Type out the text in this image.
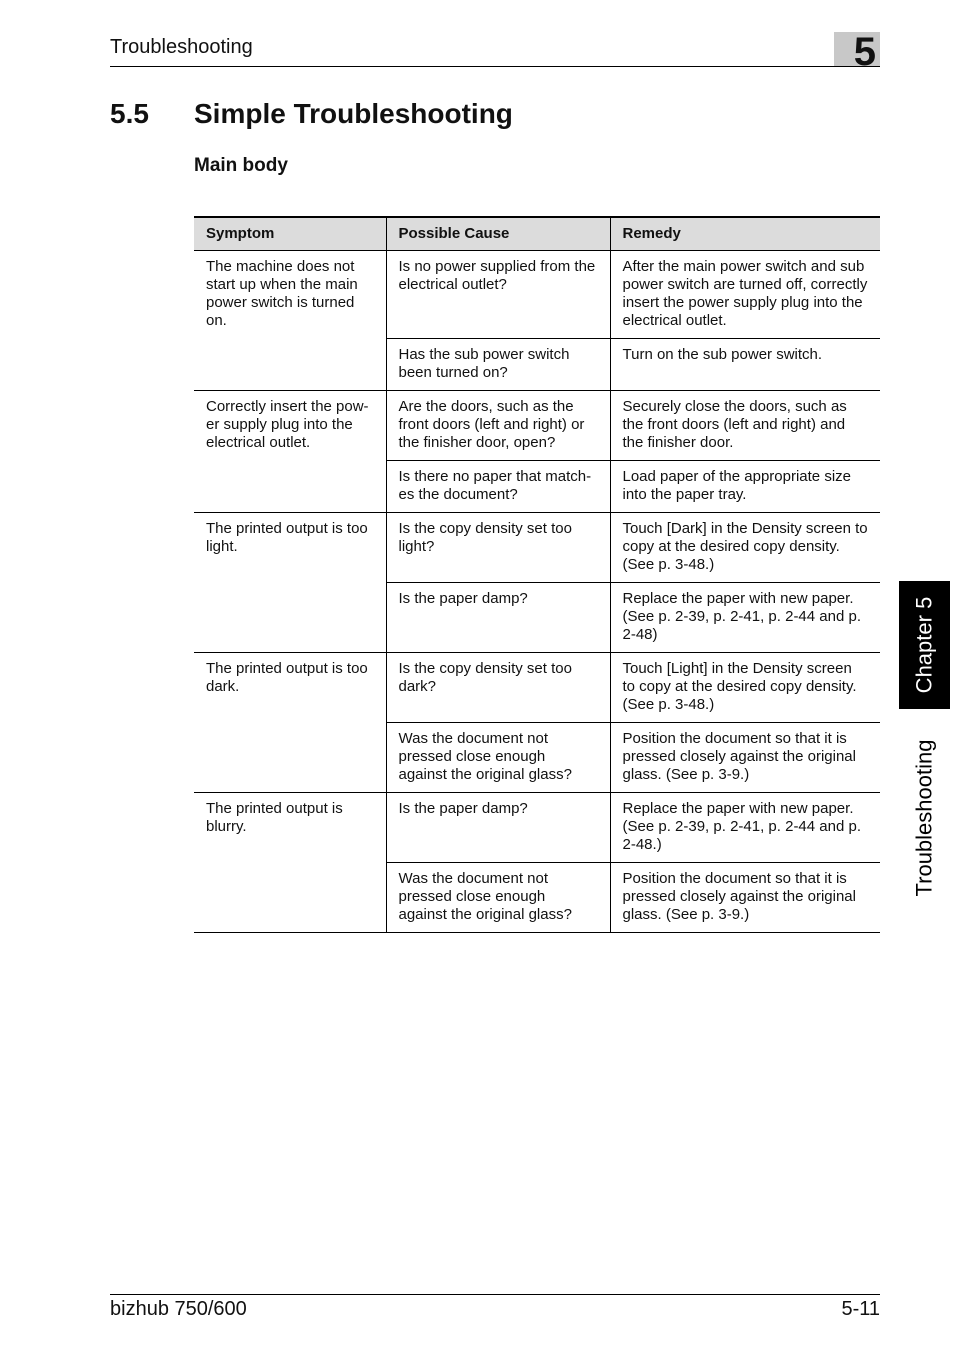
Troubleshooting	5
5.5 Simple Troubleshooting
Main body
Symptom	Possible Cause	Remedy
The machine does not start up when the main power switch is turned on.	Is no power supplied from the electrical outlet?	After the main power switch and sub power switch are turned off, correctly insert the power supply plug into the electrical outlet.
	Has the sub power switch been turned on?	Turn on the sub power switch.
Correctly insert the pow-er supply plug into the electrical outlet.	Are the doors, such as the front doors (left and right) or the finisher door, open?	Securely close the doors, such as the front doors (left and right) and the finisher door.
	Is there no paper that match-es the document?	Load paper of the appropriate size into the paper tray.
The printed output is too light.	Is the copy density set too light?	Touch [Dark] in the Density screen to copy at the desired copy density. (See p. 3-48.)
	Is the paper damp?	Replace the paper with new paper. (See p. 2-39, p. 2-41, p. 2-44 and p. 2-48)
The printed output is too dark.	Is the copy density set too dark?	Touch [Light] in the Density screen to copy at the desired copy density. (See p. 3-48.)
	Was the document not pressed close enough against the original glass?	Position the document so that it is pressed closely against the original glass. (See p. 3-9.)
The printed output is blurry.	Is the paper damp?	Replace the paper with new paper. (See p. 2-39, p. 2-41, p. 2-44 and p. 2-48.)
	Was the document not pressed close enough against the original glass?	Position the document so that it is pressed closely against the original glass. (See p. 3-9.)
Chapter 5
Troubleshooting
bizhub 750/600	5-11
